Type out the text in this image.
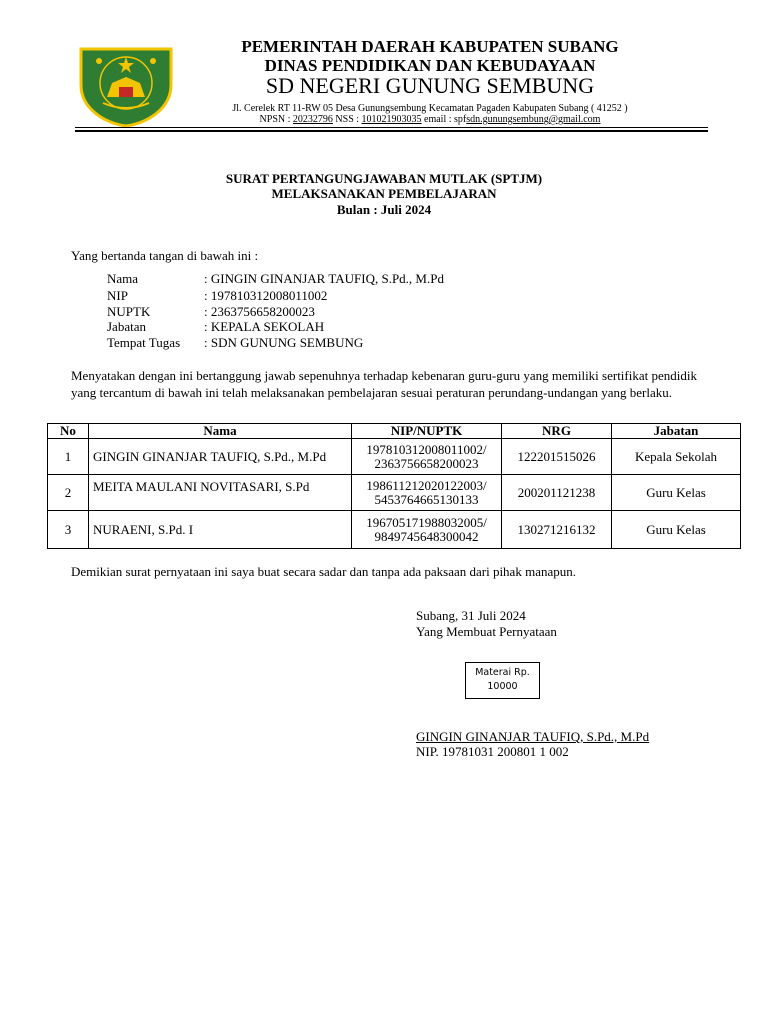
PEMERINTAH DAERAH KABUPATEN SUBANG
DINAS PENDIDIKAN DAN KEBUDAYAAN
SD NEGERI GUNUNG SEMBUNG
Jl. Cerelek RT 11-RW 05 Desa Gunungsembung Kecamatan Pagaden Kabupaten Subang ( 41252 )
NPSN : 20232796 NSS : 101021903035 email : spfsdn.gunungsembung@gmail.com
SURAT PERTANGUNGJAWABAN MUTLAK (SPTJM)
MELAKSANAKAN PEMBELAJARAN
Bulan : Juli 2024
Yang bertanda tangan di bawah ini :
Nama	: GINGIN GINANJAR TAUFIQ, S.Pd., M.Pd
NIP	: 197810312008011002
NUPTK	: 2363756658200023
Jabatan	: KEPALA SEKOLAH
Tempat Tugas : SDN GUNUNG SEMBUNG
Menyatakan dengan ini bertanggung jawab sepenuhnya terhadap kebenaran guru-guru yang memiliki sertifikat pendidik yang tercantum di bawah ini telah melaksanakan pembelajaran sesuai peraturan perundang-undangan yang berlaku.
No	Nama	NIP/NUPTK	NRG	Jabatan
1	GINGIN GINANJAR TAUFIQ, S.Pd., M.Pd	197810312008011002/
2363756658200023	122201515026	Kepala Sekolah
2	MEITA MAULANI NOVITASARI, S.Pd	198611212020122003/
5453764665130133	200201121238	Guru Kelas
3	NURAENI, S.Pd. I	196705171988032005/
9849745648300042	130271216132	Guru Kelas
Demikian surat pernyataan ini saya buat secara sadar dan tanpa ada paksaan dari pihak manapun.
Subang, 31 Juli 2024
Yang Membuat Pernyataan
Materai Rp.
10000
GINGIN GINANJAR TAUFIQ, S.Pd., M.Pd
NIP. 19781031 200801 1 002
